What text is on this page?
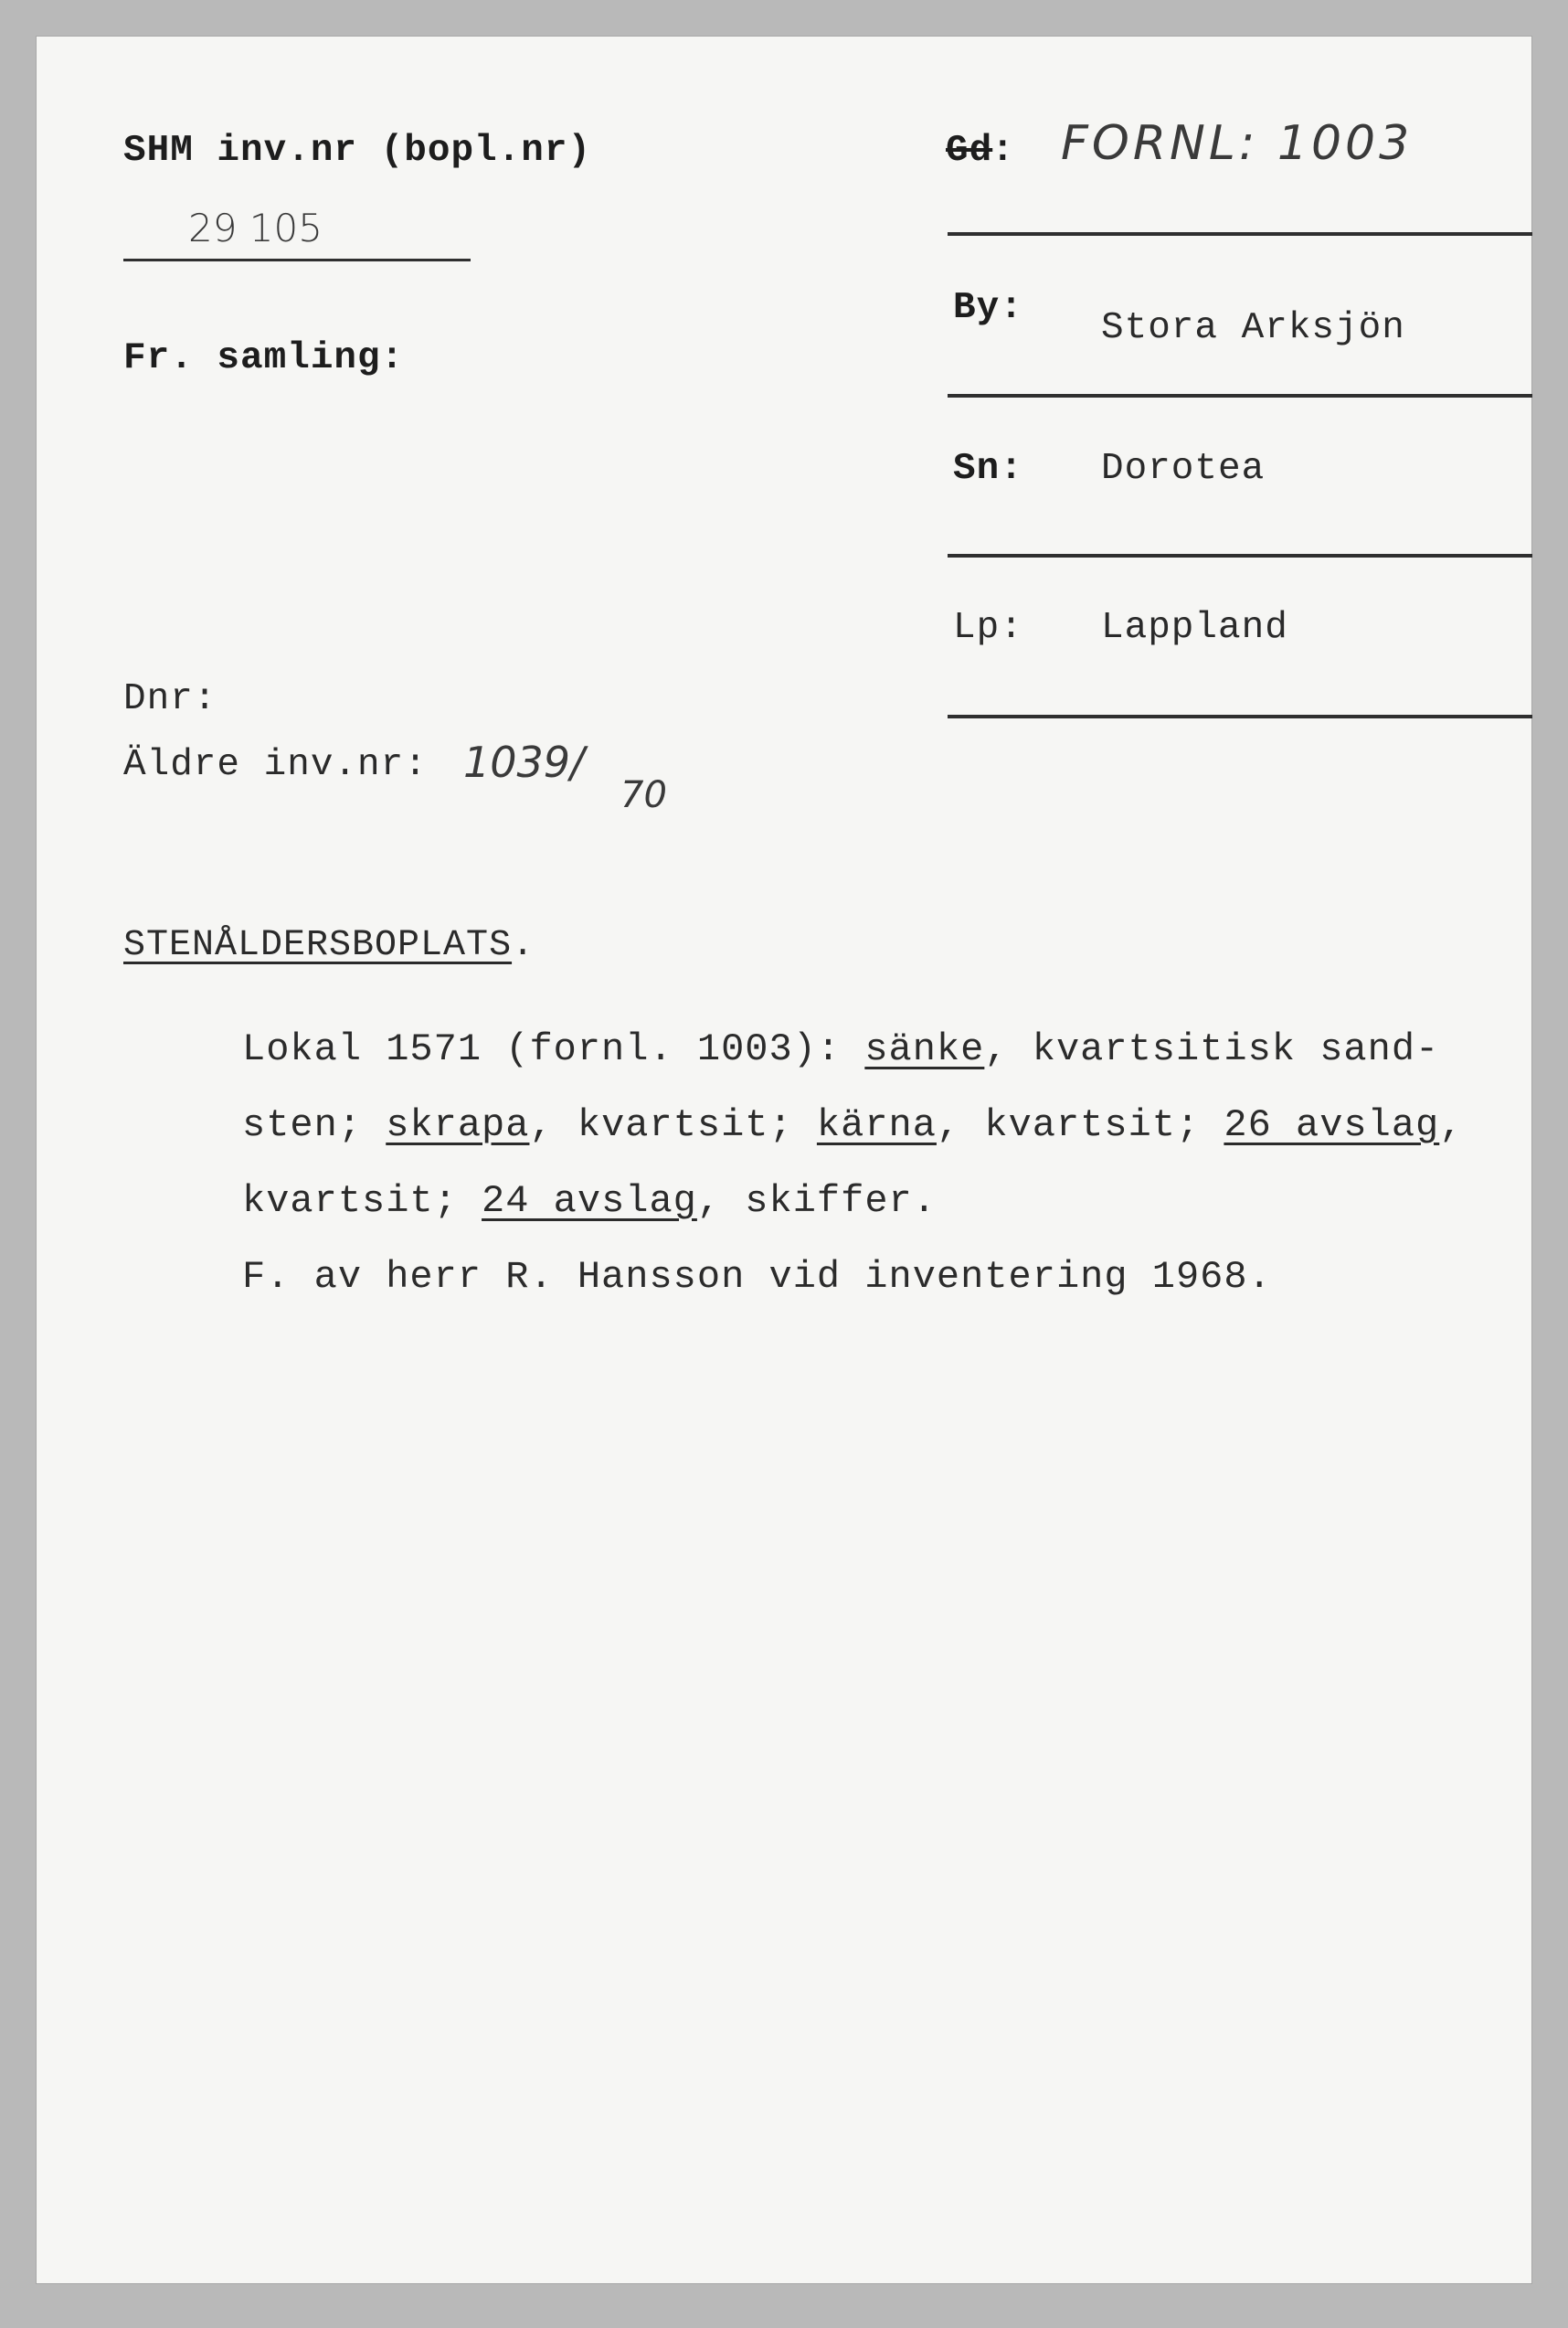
SHM inv.nr (bopl.nr)
29 105
Fr. samling:
Dnr:
Äldre inv.nr: 1039/
70
Gd
: FORNL: 1003
By: Stora Arksjön
Sn: Dorotea
Lp: Lappland
STENÅLDERSBOPLATS.
Lokal 1571 (fornl. 1003): sänke, kvartsitisk sand-
sten; skrapa, kvartsit; kärna, kvartsit; 26 avslag,
kvartsit; 24 avslag, skiffer.
F. av herr R. Hansson vid inventering 1968.
